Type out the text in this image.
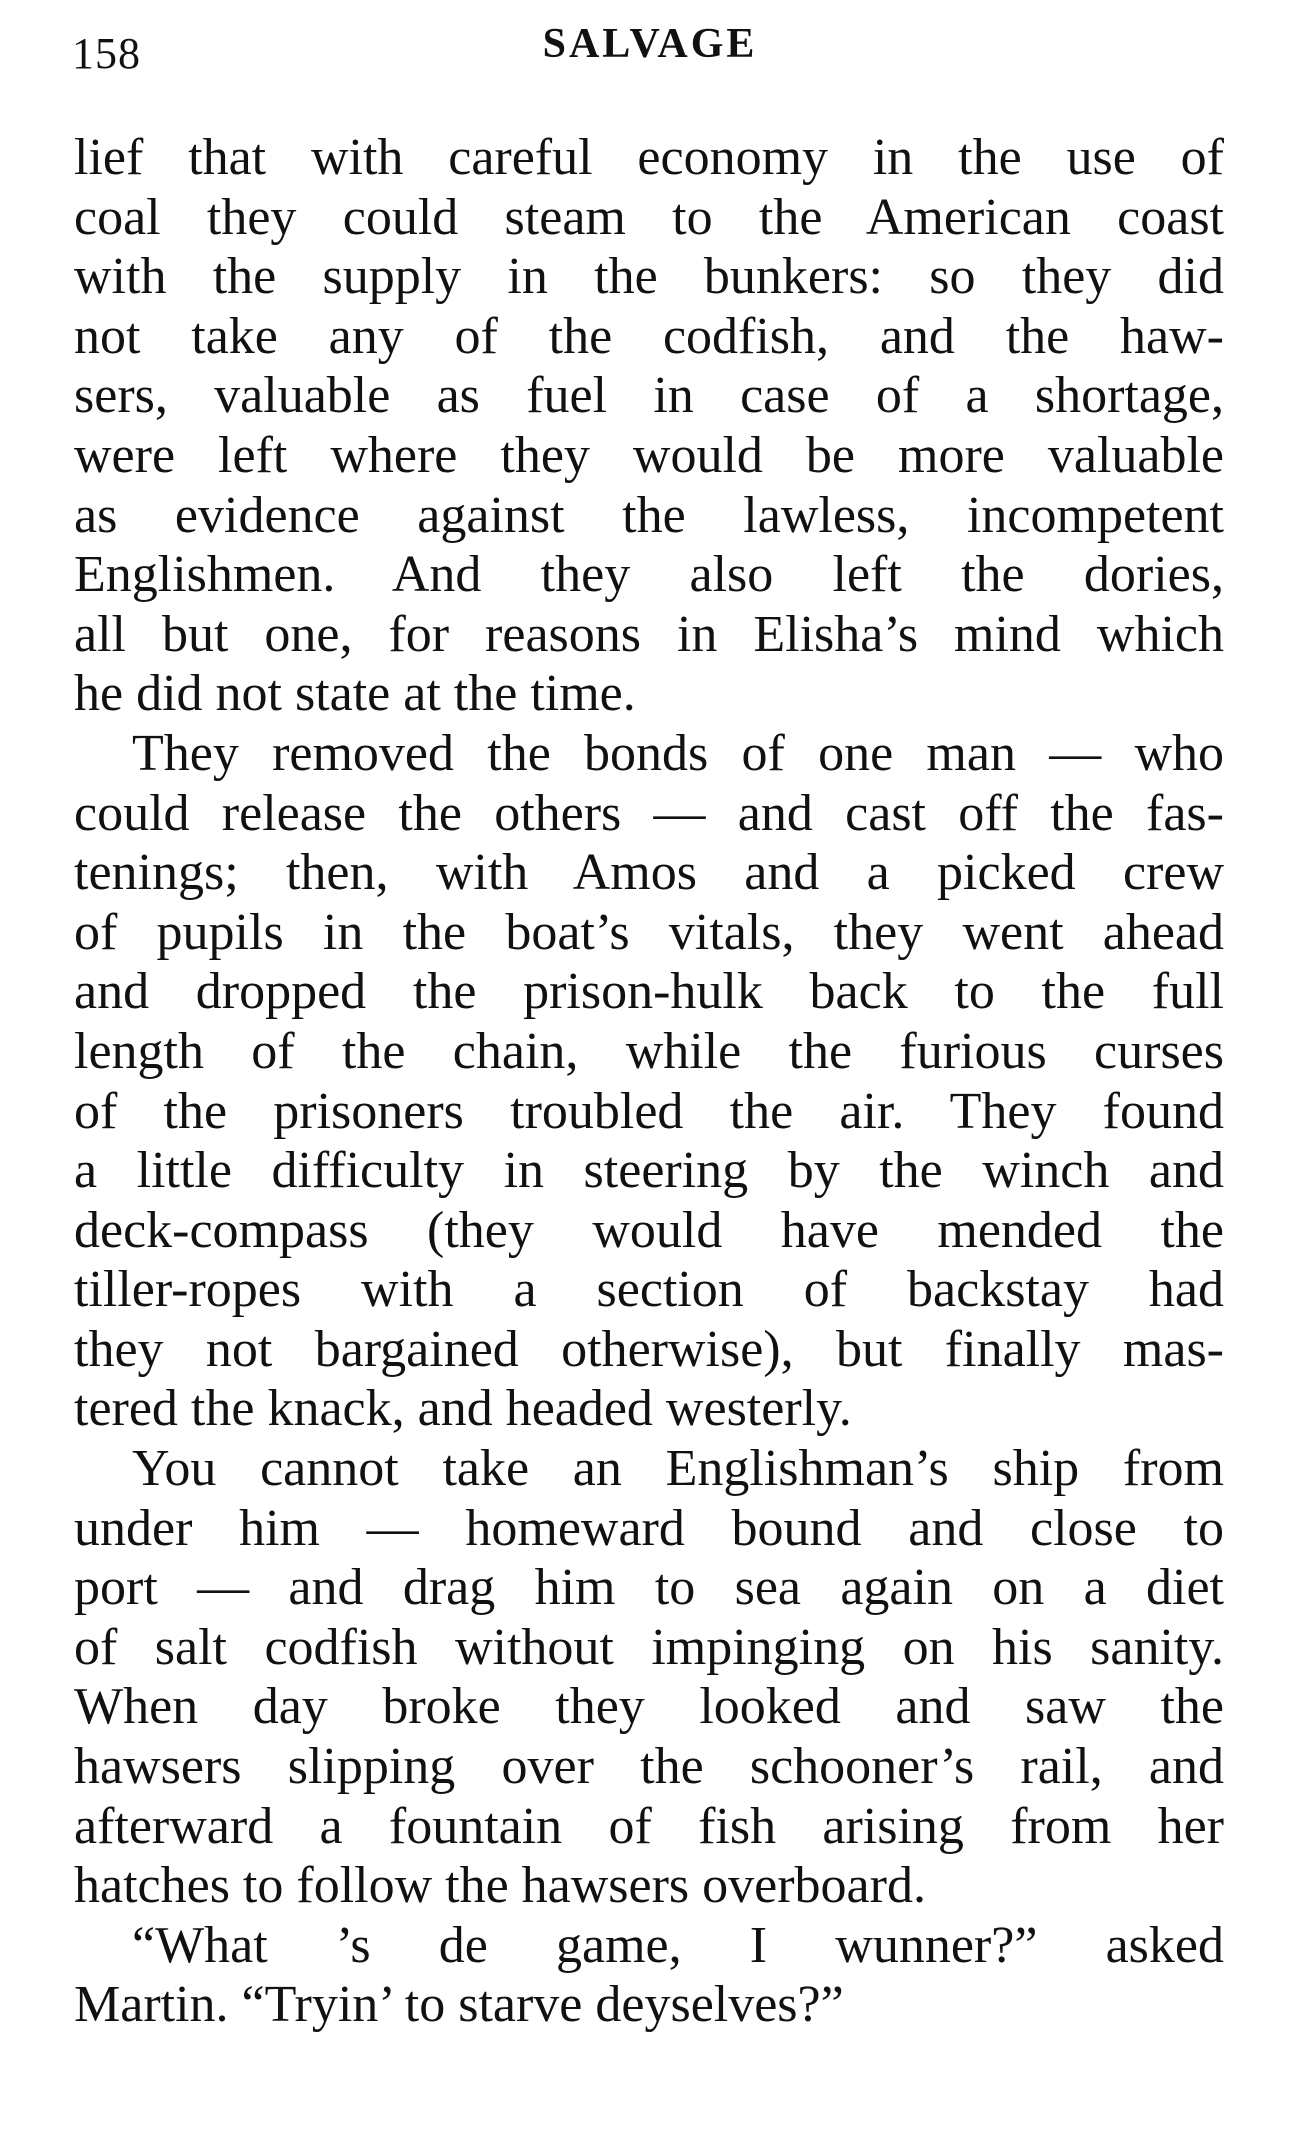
158	SALVAGE
lief that with careful economy in the use of
coal they could steam to the American coast
with the supply in the bunkers: so they did
not take any of the codfish, and the haw-
sers, valuable as fuel in case of a shortage,
were left where they would be more valuable
as evidence against the lawless, incompetent
Englishmen. And they also left the dories,
all but one, for reasons in Elisha’s mind which
he did not state at the time.
They removed the bonds of one man — who
could release the others — and cast off the fas-
tenings; then, with Amos and a picked crew
of pupils in the boat’s vitals, they went ahead
and dropped the prison-hulk back to the full
length of the chain, while the furious curses
of the prisoners troubled the air. They found
a little difficulty in steering by the winch and
deck-compass (they would have mended the
tiller-ropes with a section of backstay had
they not bargained otherwise), but finally mas-
tered the knack, and headed westerly.
You cannot take an Englishman’s ship from
under him — homeward bound and close to
port — and drag him to sea again on a diet
of salt codfish without impinging on his sanity.
When day broke they looked and saw the
hawsers slipping over the schooner’s rail, and
afterward a fountain of fish arising from her
hatches to follow the hawsers overboard.
“What ’s de game, I wunner?” asked
Martin. “Tryin’ to starve deyselves?”
